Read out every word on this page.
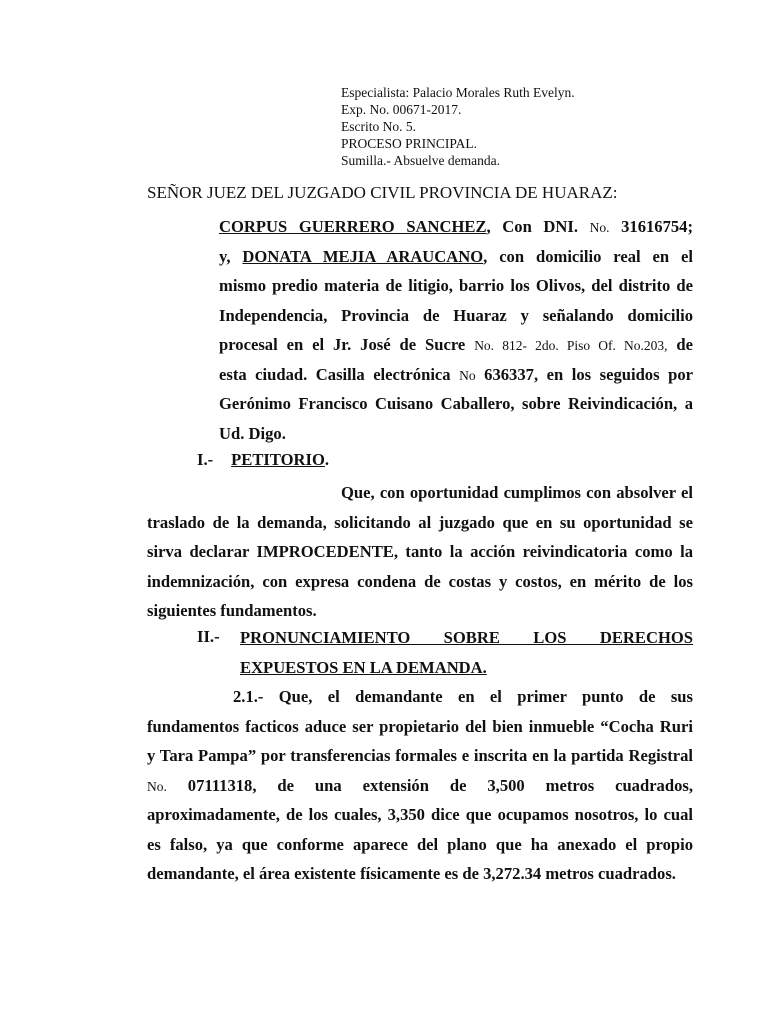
Especialista: Palacio Morales Ruth Evelyn.
Exp. No. 00671-2017.
Escrito No. 5.
PROCESO PRINCIPAL.
Sumilla.- Absuelve demanda.
SEÑOR JUEZ DEL JUZGADO CIVIL PROVINCIA DE HUARAZ:
CORPUS GUERRERO SANCHEZ, Con DNI. No. 31616754;
y, DONATA MEJIA ARAUCANO, con domicilio real en el
mismo predio materia de litigio, barrio los Olivos, del distrito de
Independencia, Provincia de Huaraz y señalando domicilio
procesal en el Jr. José de Sucre No. 812- 2do. Piso Of. No.203, de
esta ciudad. Casilla electrónica No 636337, en los seguidos por
Gerónimo Francisco Cuisano Caballero, sobre Reivindicación, a
Ud. Digo.
I.- PETITORIO.
Que, con oportunidad cumplimos con absolver el
traslado de la demanda, solicitando al juzgado que en su oportunidad se
sirva declarar IMPROCEDENTE, tanto la acción reivindicatoria como la
indemnización, con expresa condena de costas y costos, en mérito de los
siguientes fundamentos.
II.- PRONUNCIAMIENTO SOBRE LOS DERECHOS
EXPUESTOS EN LA DEMANDA.
2.1.- Que, el demandante en el primer punto de sus
fundamentos facticos aduce ser propietario del bien inmueble “Cocha Ruri
y Tara Pampa” por transferencias formales e inscrita en la partida Registral
No. 07111318, de una extensión de 3,500 metros cuadrados,
aproximadamente, de los cuales, 3,350 dice que ocupamos nosotros, lo cual
es falso, ya que conforme aparece del plano que ha anexado el propio
demandante, el área existente físicamente es de 3,272.34 metros cuadrados.
